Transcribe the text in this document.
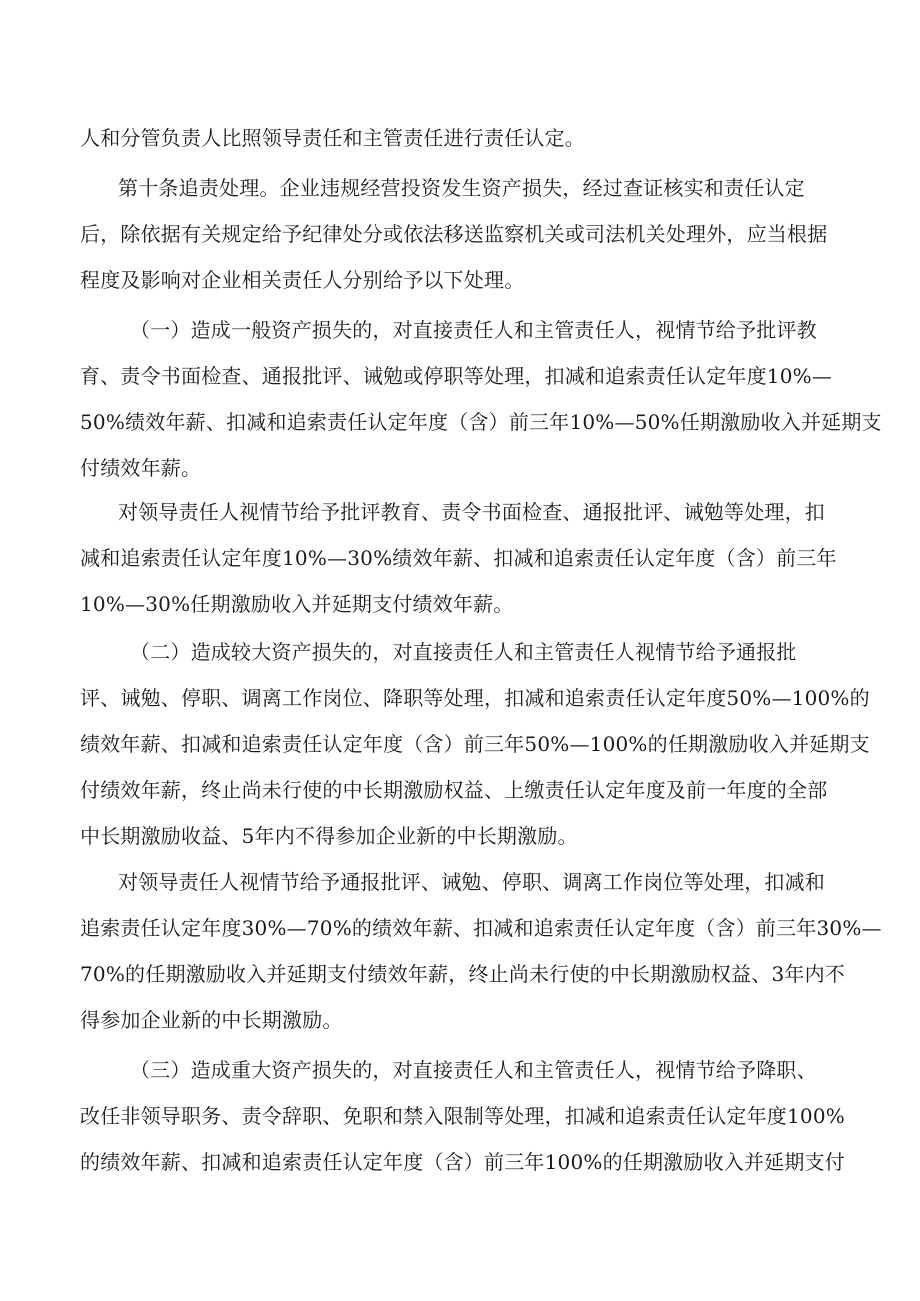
人和分管负责人比照领导责任和主管责任进行责任认定。
第十条追责处理。企业违规经营投资发生资产损失，经过查证核实和责任认定
后，除依据有关规定给予纪律处分或依法移送监察机关或司法机关处理外，应当根据
程度及影响对企业相关责任人分别给予以下处理。
（一）造成一般资产损失的，对直接责任人和主管责任人，视情节给予批评教
育、责令书面检查、通报批评、诫勉或停职等处理，扣减和追索责任认定年度10%—
50%绩效年薪、扣减和追索责任认定年度（含）前三年10%—50%任期激励收入并延期支
付绩效年薪。
对领导责任人视情节给予批评教育、责令书面检查、通报批评、诫勉等处理，扣
减和追索责任认定年度10%—30%绩效年薪、扣减和追索责任认定年度（含）前三年
10%—30%任期激励收入并延期支付绩效年薪。
（二）造成较大资产损失的，对直接责任人和主管责任人视情节给予通报批
评、诫勉、停职、调离工作岗位、降职等处理，扣减和追索责任认定年度50%—100%的
绩效年薪、扣减和追索责任认定年度（含）前三年50%—100%的任期激励收入并延期支
付绩效年薪，终止尚未行使的中长期激励权益、上缴责任认定年度及前一年度的全部
中长期激励收益、5年内不得参加企业新的中长期激励。
对领导责任人视情节给予通报批评、诫勉、停职、调离工作岗位等处理，扣减和
追索责任认定年度30%—70%的绩效年薪、扣减和追索责任认定年度（含）前三年30%—
70%的任期激励收入并延期支付绩效年薪，终止尚未行使的中长期激励权益、3年内不
得参加企业新的中长期激励。
（三）造成重大资产损失的，对直接责任人和主管责任人，视情节给予降职、
改任非领导职务、责令辞职、免职和禁入限制等处理，扣减和追索责任认定年度100%
的绩效年薪、扣减和追索责任认定年度（含）前三年100%的任期激励收入并延期支付
